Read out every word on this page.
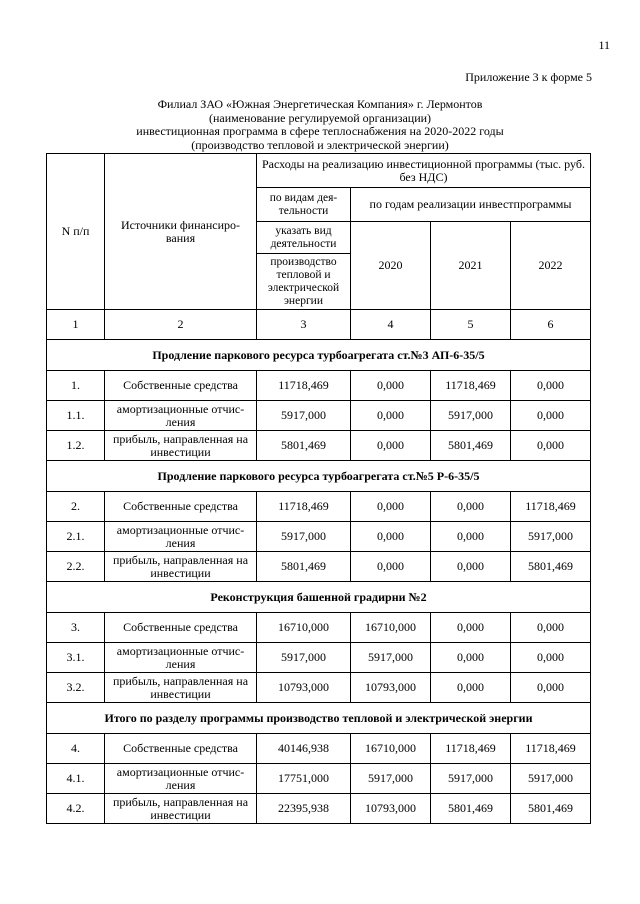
11
Приложение 3 к форме 5
Филиал ЗАО «Южная Энергетическая Компания» г. Лермонтов
(наименование регулируемой организации)
инвестиционная программа в сфере теплоснабжения на 2020-2022 годы
(производство тепловой и электрической энергии)
N п/п	Источники финансиро-вания	Расходы на реализацию инвестиционной программы (тыс. руб. без НДС)			
		по видам дея-тельности	по годам реализации инвестпрограммы		
		указать вид деятельности	2020	2021	2022
		производство тепловой и электрической энергии			

1	2	3	4	5	6
Продление паркового ресурса турбоагрегата ст.№3 АП-6-35/5					
1.	Собственные средства	11718,469	0,000	11718,469	0,000
1.1.	амортизационные отчис-ления	5917,000	0,000	5917,000	0,000
1.2.	прибыль, направленная на инвестиции	5801,469	0,000	5801,469	0,000
Продление паркового ресурса турбоагрегата ст.№5 Р-6-35/5					
2.	Собственные средства	11718,469	0,000	0,000	11718,469
2.1.	амортизационные отчис-ления	5917,000	0,000	0,000	5917,000
2.2.	прибыль, направленная на инвестиции	5801,469	0,000	0,000	5801,469
Реконструкция башенной градирни №2					
3.	Собственные средства	16710,000	16710,000	0,000	0,000
3.1.	амортизационные отчис-ления	5917,000	5917,000	0,000	0,000
3.2.	прибыль, направленная на инвестиции	10793,000	10793,000	0,000	0,000
Итого по разделу программы производство тепловой и электрической энергии					
4.	Собственные средства	40146,938	16710,000	11718,469	11718,469
4.1.	амортизационные отчис-ления	17751,000	5917,000	5917,000	5917,000
4.2.	прибыль, направленная на инвестиции	22395,938	10793,000	5801,469	5801,469
